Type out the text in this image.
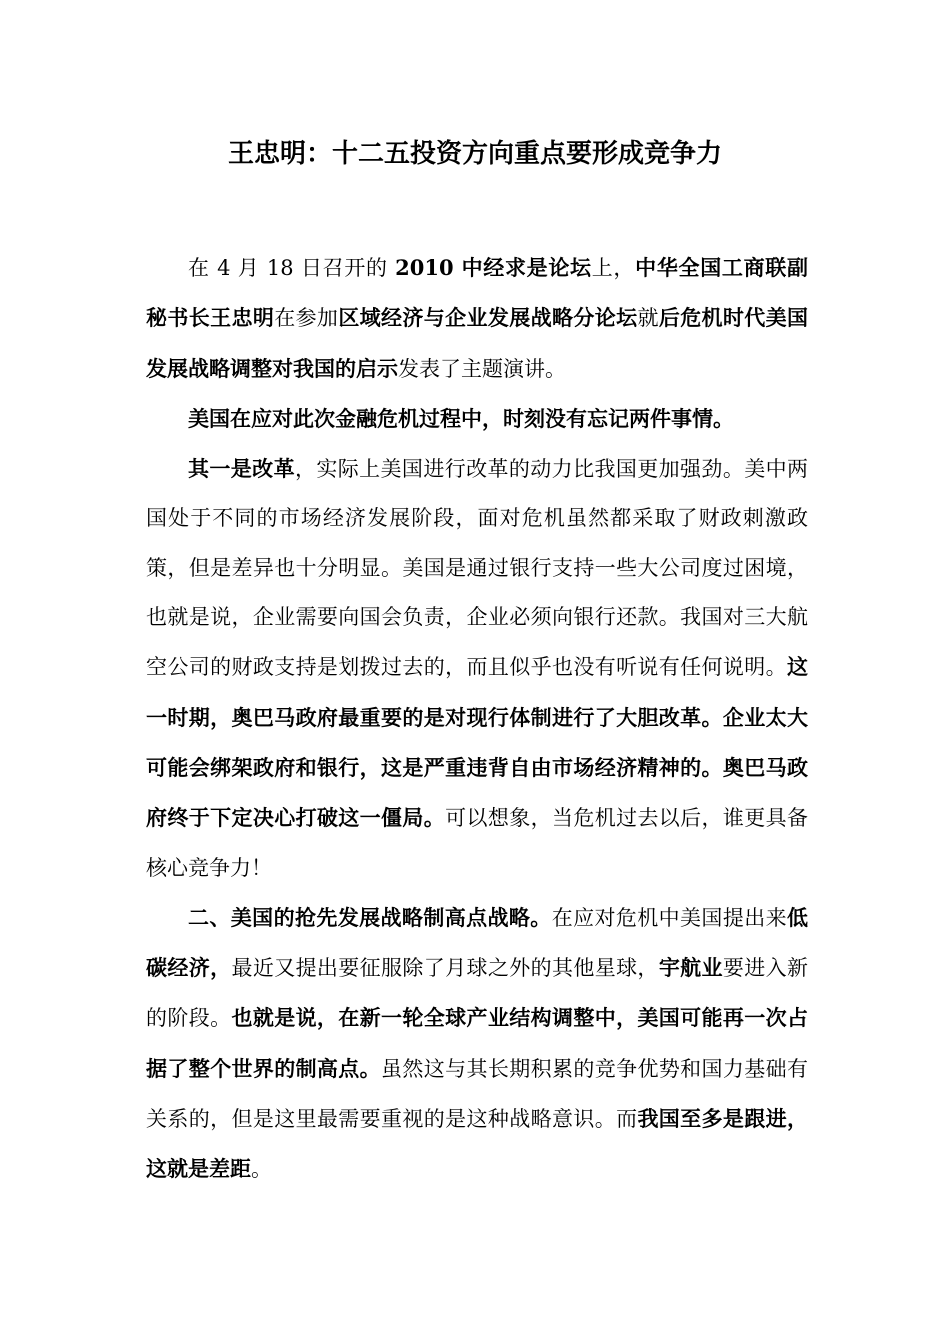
王忠明：十二五投资方向重点要形成竞争力

在 4 月 18 日召开的 2010 中经求是论坛上，中华全国工商联副秘书长王忠明在参加区域经济与企业发展战略分论坛就后危机时代美国发展战略调整对我国的启示发表了主题演讲。

美国在应对此次金融危机过程中，时刻没有忘记两件事情。

其一是改革，实际上美国进行改革的动力比我国更加强劲。美中两国处于不同的市场经济发展阶段，面对危机虽然都采取了财政刺激政策，但是差异也十分明显。美国是通过银行支持一些大公司度过困境，也就是说，企业需要向国会负责，企业必须向银行还款。我国对三大航空公司的财政支持是划拨过去的，而且似乎也没有听说有任何说明。这一时期，奥巴马政府最重要的是对现行体制进行了大胆改革。企业太大可能会绑架政府和银行，这是严重违背自由市场经济精神的。奥巴马政府终于下定决心打破这一僵局。可以想象，当危机过去以后，谁更具备核心竞争力！

二、美国的抢先发展战略制高点战略。在应对危机中美国提出来低碳经济，最近又提出要征服除了月球之外的其他星球，宇航业要进入新的阶段。也就是说，在新一轮全球产业结构调整中，美国可能再一次占据了整个世界的制高点。虽然这与其长期积累的竞争优势和国力基础有关系的，但是这里最需要重视的是这种战略意识。而我国至多是跟进，这就是差距。
